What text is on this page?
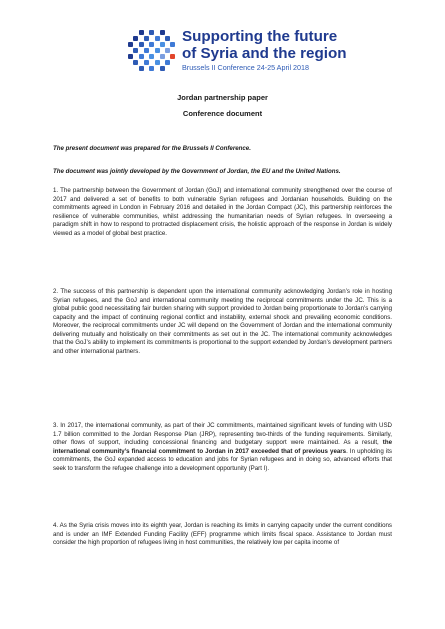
Supporting the future
of Syria and the region
Brussels II Conference 24-25 April 2018
Jordan partnership paper
Conference document
The present document was prepared for the Brussels II Conference.
The document was jointly developed by the Government of Jordan, the EU and the United Nations.
1. The partnership between the Government of Jordan (GoJ) and international community strengthened over the course of 2017 and delivered a set of benefits to both vulnerable Syrian refugees and Jordanian households. Building on the commitments agreed in London in February 2016 and detailed in the Jordan Compact (JC), this partnership reinforces the resilience of vulnerable communities, whilst addressing the humanitarian needs of Syrian refugees. In overseeing a paradigm shift in how to respond to protracted displacement crisis, the holistic approach of the response in Jordan is widely viewed as a model of global best practice.
2. The success of this partnership is dependent upon the international community acknowledging Jordan’s role in hosting Syrian refugees, and the GoJ and international community meeting the reciprocal commitments under the JC. This is a global public good necessitating fair burden sharing with support provided to Jordan being proportionate to Jordan’s carrying capacity and the impact of continuing regional conflict and instability, external shock and prevailing economic conditions. Moreover, the reciprocal commitments under JC will depend on the Government of Jordan and the international community delivering mutually and holistically on their commitments as set out in the JC. The international community acknowledges that the GoJ’s ability to implement its commitments is proportional to the support extended by Jordan’s development partners and other international partners.
3. In 2017, the international community, as part of their JC commitments, maintained significant levels of funding with USD 1.7 billion committed to the Jordan Response Plan (JRP), representing two-thirds of the funding requirements. Similarly, other flows of support, including concessional financing and budgetary support were maintained. As a result, the international community’s financial commitment to Jordan in 2017 exceeded that of previous years. In upholding its commitments, the GoJ expanded access to education and jobs for Syrian refugees and in doing so, advanced efforts that seek to transform the refugee challenge into a development opportunity (Part I).
4. As the Syria crisis moves into its eighth year, Jordan is reaching its limits in carrying capacity under the current conditions and is under an IMF Extended Funding Facility (EFF) programme which limits fiscal space. Assistance to Jordan must consider the high proportion of refugees living in host communities, the relatively low per capita income of
